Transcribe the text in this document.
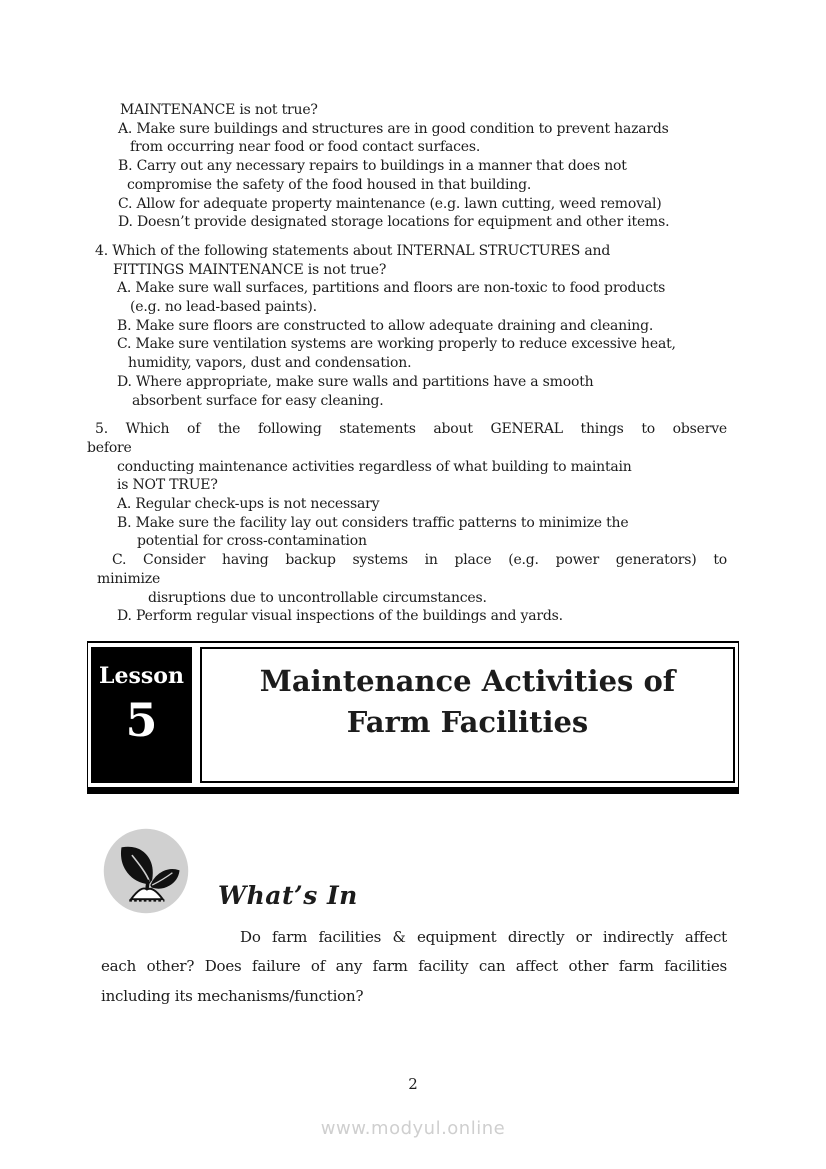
MAINTENANCE is not true?
A. Make sure buildings and structures are in good condition to prevent hazards
from occurring near food or food contact surfaces.
B. Carry out any necessary repairs to buildings in a manner that does not
compromise the safety of the food housed in that building.
C. Allow for adequate property maintenance (e.g. lawn cutting, weed removal)
D. Doesn’t provide designated storage locations for equipment and other items.
4. Which of the following statements about INTERNAL STRUCTURES and
FITTINGS MAINTENANCE is not true?
A. Make sure wall surfaces, partitions and floors are non-toxic to food products
(e.g. no lead-based paints).
B. Make sure floors are constructed to allow adequate draining and cleaning.
C. Make sure ventilation systems are working properly to reduce excessive heat,
humidity, vapors, dust and condensation.
D. Where appropriate, make sure walls and partitions have a smooth
absorbent surface for easy cleaning.
5. Which of the following statements about GENERAL things to observe
before
conducting maintenance activities regardless of what building to maintain
is NOT TRUE?
A. Regular check-ups is not necessary
B. Make sure the facility lay out considers traffic patterns to minimize the
potential for cross-contamination
C. Consider having backup systems in place (e.g. power generators) to
minimize
disruptions due to uncontrollable circumstances.
D. Perform regular visual inspections of the buildings and yards.
Lesson
5
Maintenance Activities of
Farm Facilities
What’s In
Do farm facilities & equipment directly or indirectly affect
each other? Does failure of any farm facility can affect other farm facilities
including its mechanisms/function?
2
www.modyul.online
